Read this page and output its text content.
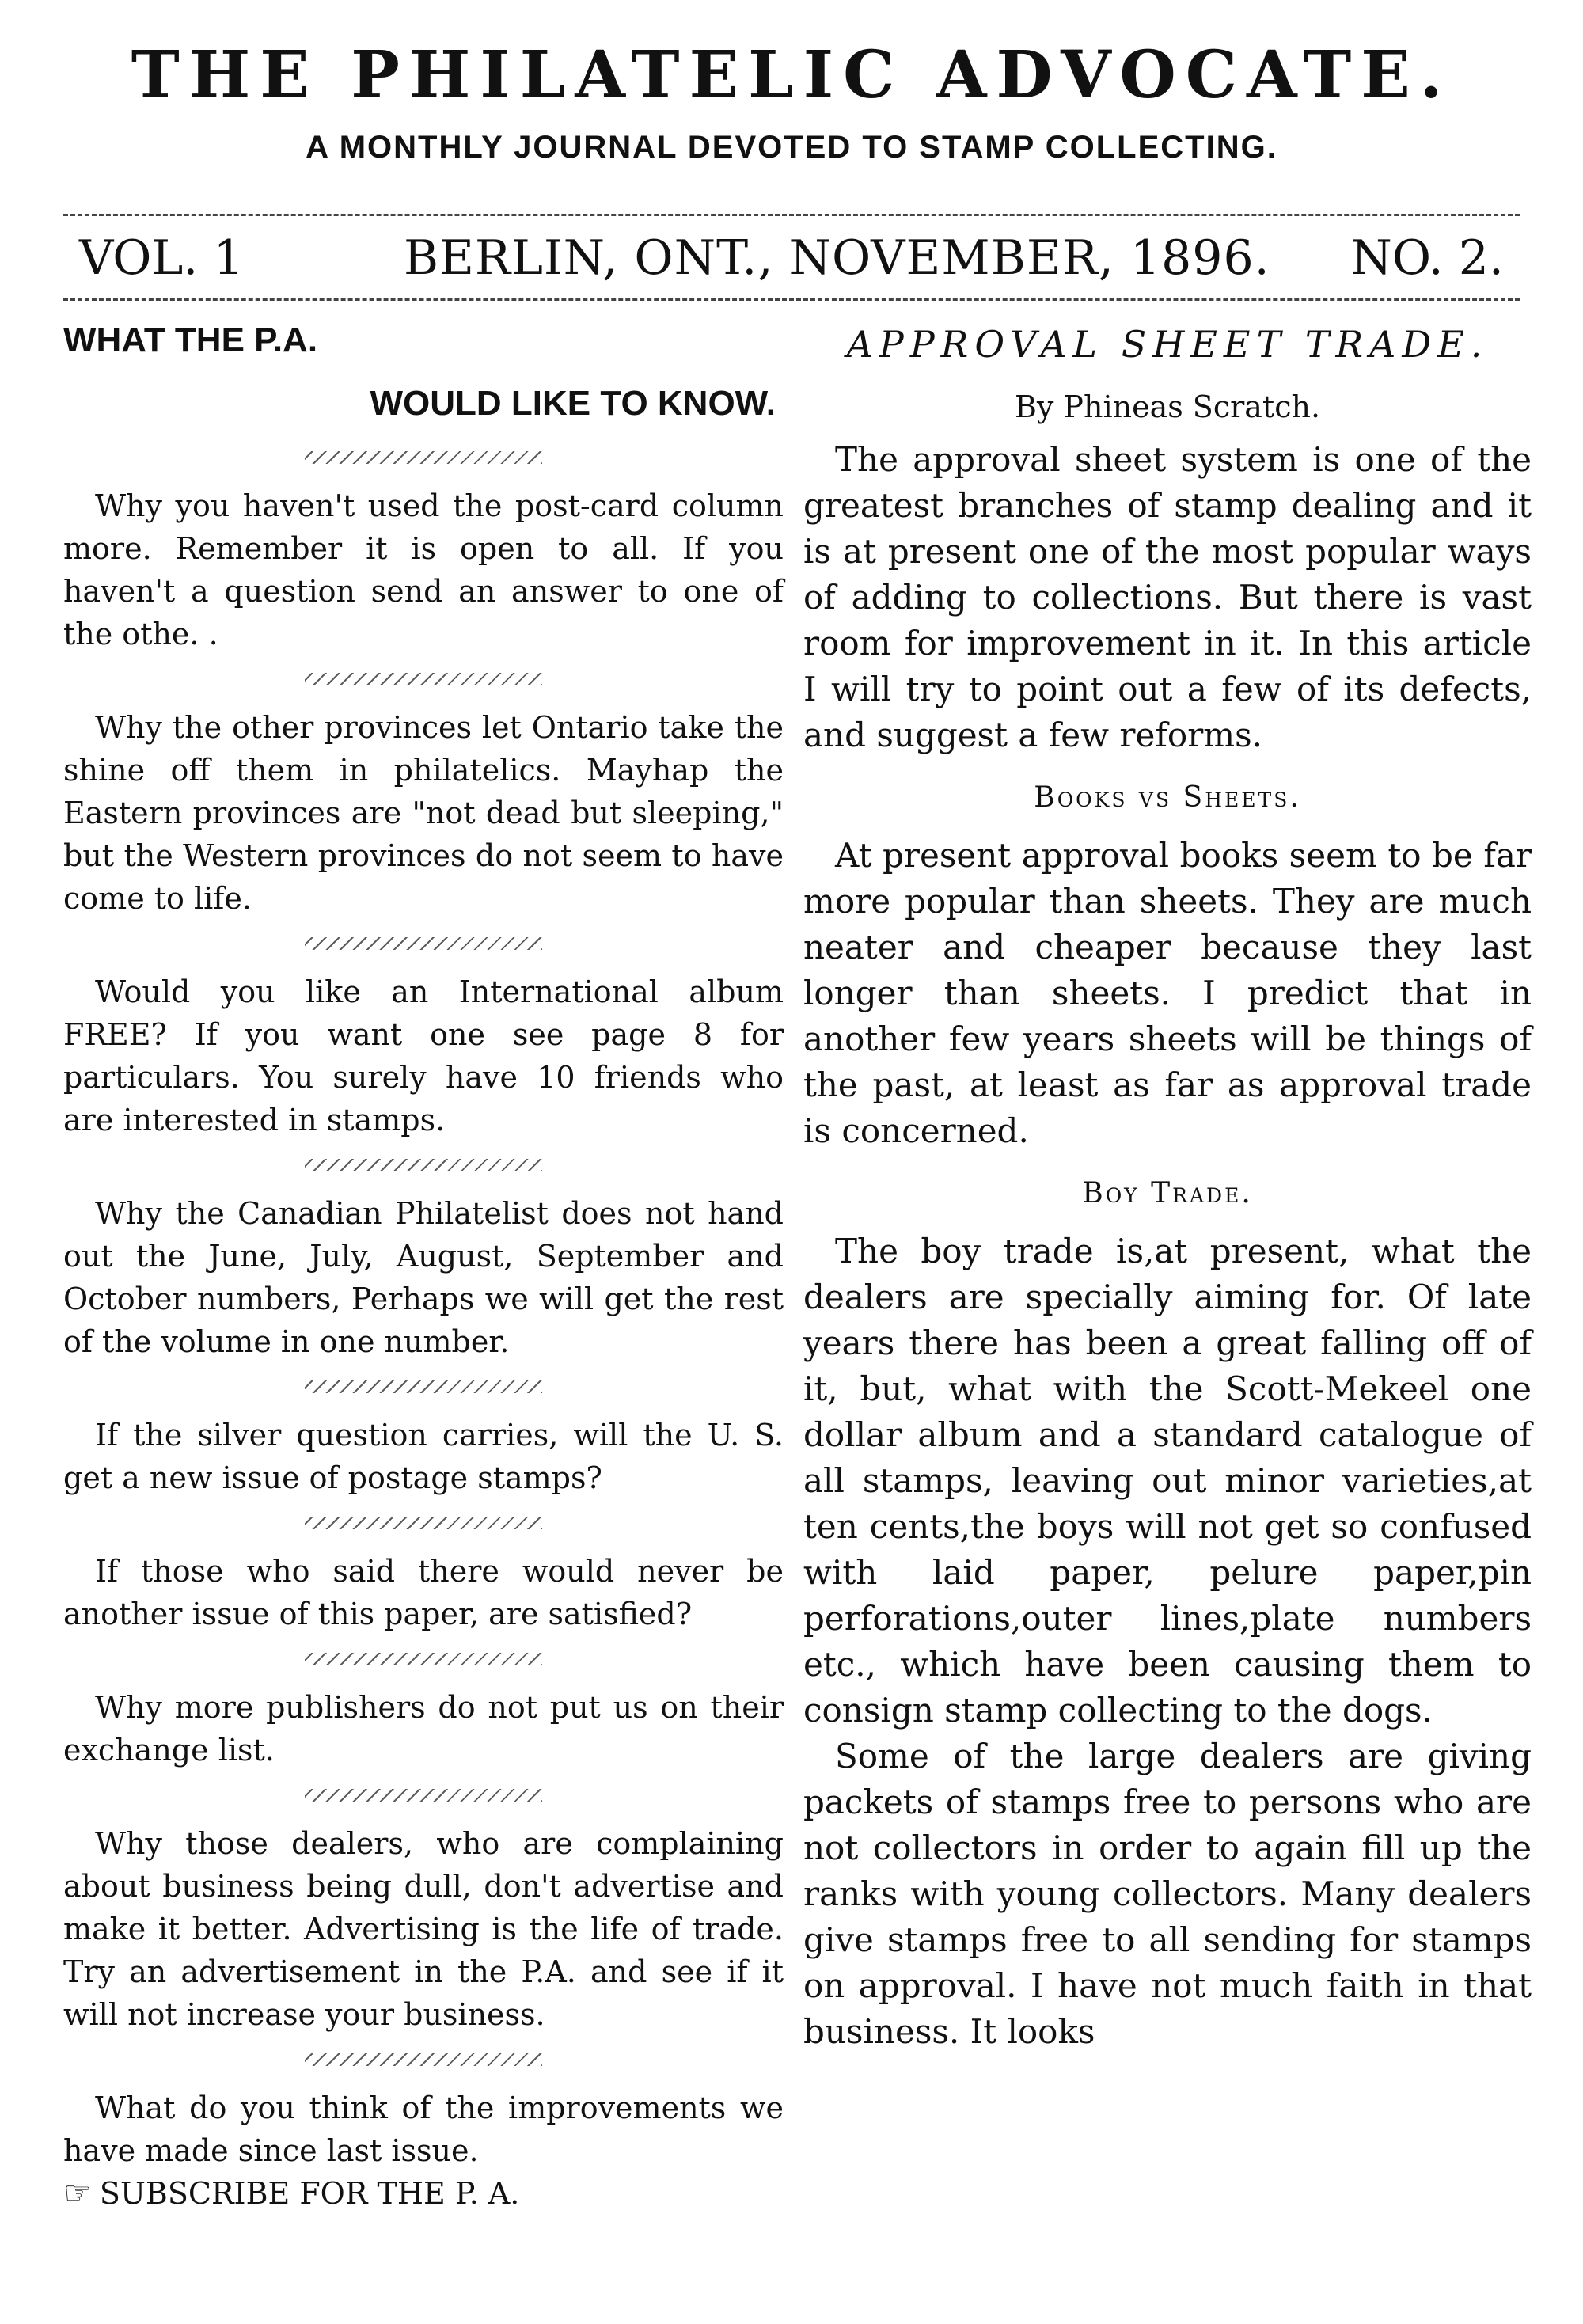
THE PHILATELIC ADVOCATE.
A MONTHLY JOURNAL DEVOTED TO STAMP COLLECTING.
VOL. 1	BERLIN, ONT., NOVEMBER, 1896. NO. 2.
WHAT THE P.A.
WOULD LIKE TO KNOW.

Why you haven't used the post-card column more. Remember it is open to all. If you haven't a question send an answer to one of the othe. .

Why the other provinces let Ontario take the shine off them in philatelics. Mayhap the Eastern provinces are "not dead but sleeping," but the Western provinces do not seem to have come to life.

Would you like an International album FREE? If you want one see page 8 for particulars. You surely have 10 friends who are interested in stamps.

Why the Canadian Philatelist does not hand out the June, July, August, September and October numbers, Perhaps we will get the rest of the volume in one number.

If the silver question carries, will the U. S. get a new issue of postage stamps?

If those who said there would never be another issue of this paper, are satisfied?

Why more publishers do not put us on their exchange list.

Why those dealers, who are complaining about business being dull, don't advertise and make it better. Advertising is the life of trade. Try an advertisement in the P.A. and see if it will not increase your business.

What do you think of the improvements we have made since last issue.

☞ SUBSCRIBE FOR THE P. A.

APPROVAL SHEET TRADE.
By Phineas Scratch.

The approval sheet system is one of the greatest branches of stamp dealing and it is at present one of the most popular ways of adding to collections. But there is vast room for improvement in it. In this article I will try to point out a few of its defects, and suggest a few reforms.

Books vs Sheets.

At present approval books seem to be far more popular than sheets. They are much neater and cheaper because they last longer than sheets. I predict that in another few years sheets will be things of the past, at least as far as approval trade is concerned.

Boy Trade.

The boy trade is,at present, what the dealers are specially aiming for. Of late years there has been a great falling off of it, but, what with the Scott-Mekeel one dollar album and a standard catalogue of all stamps, leaving out minor varieties,at ten cents,the boys will not get so confused with laid paper, pelure paper,pin perforations,outer lines,plate numbers etc., which have been causing them to consign stamp collecting to the dogs.

Some of the large dealers are giving packets of stamps free to persons who are not collectors in order to again fill up the ranks with young collectors. Many dealers give stamps free to all sending for stamps on approval. I have not much faith in that business. It looks
